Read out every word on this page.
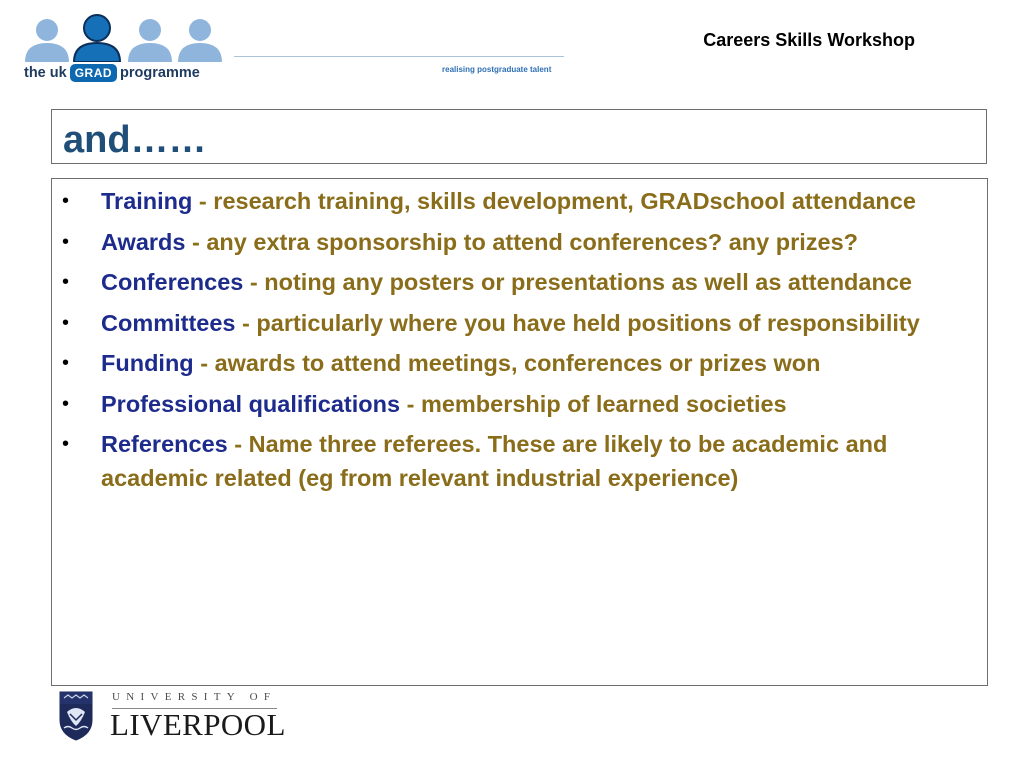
the uk GRAD programme	realising postgraduate talent
Careers Skills Workshop
and……
• Training - research training, skills development, GRADschool attendance
• Awards - any extra sponsorship to attend conferences? any prizes?
• Conferences - noting any posters or presentations as well as attendance
• Committees - particularly where you have held positions of responsibility
• Funding - awards to attend meetings, conferences or prizes won
• Professional qualifications - membership of learned societies
• References - Name three referees. These are likely to be academic and academic related (eg from relevant industrial experience)
UNIVERSITY OF
LIVERPOOL
